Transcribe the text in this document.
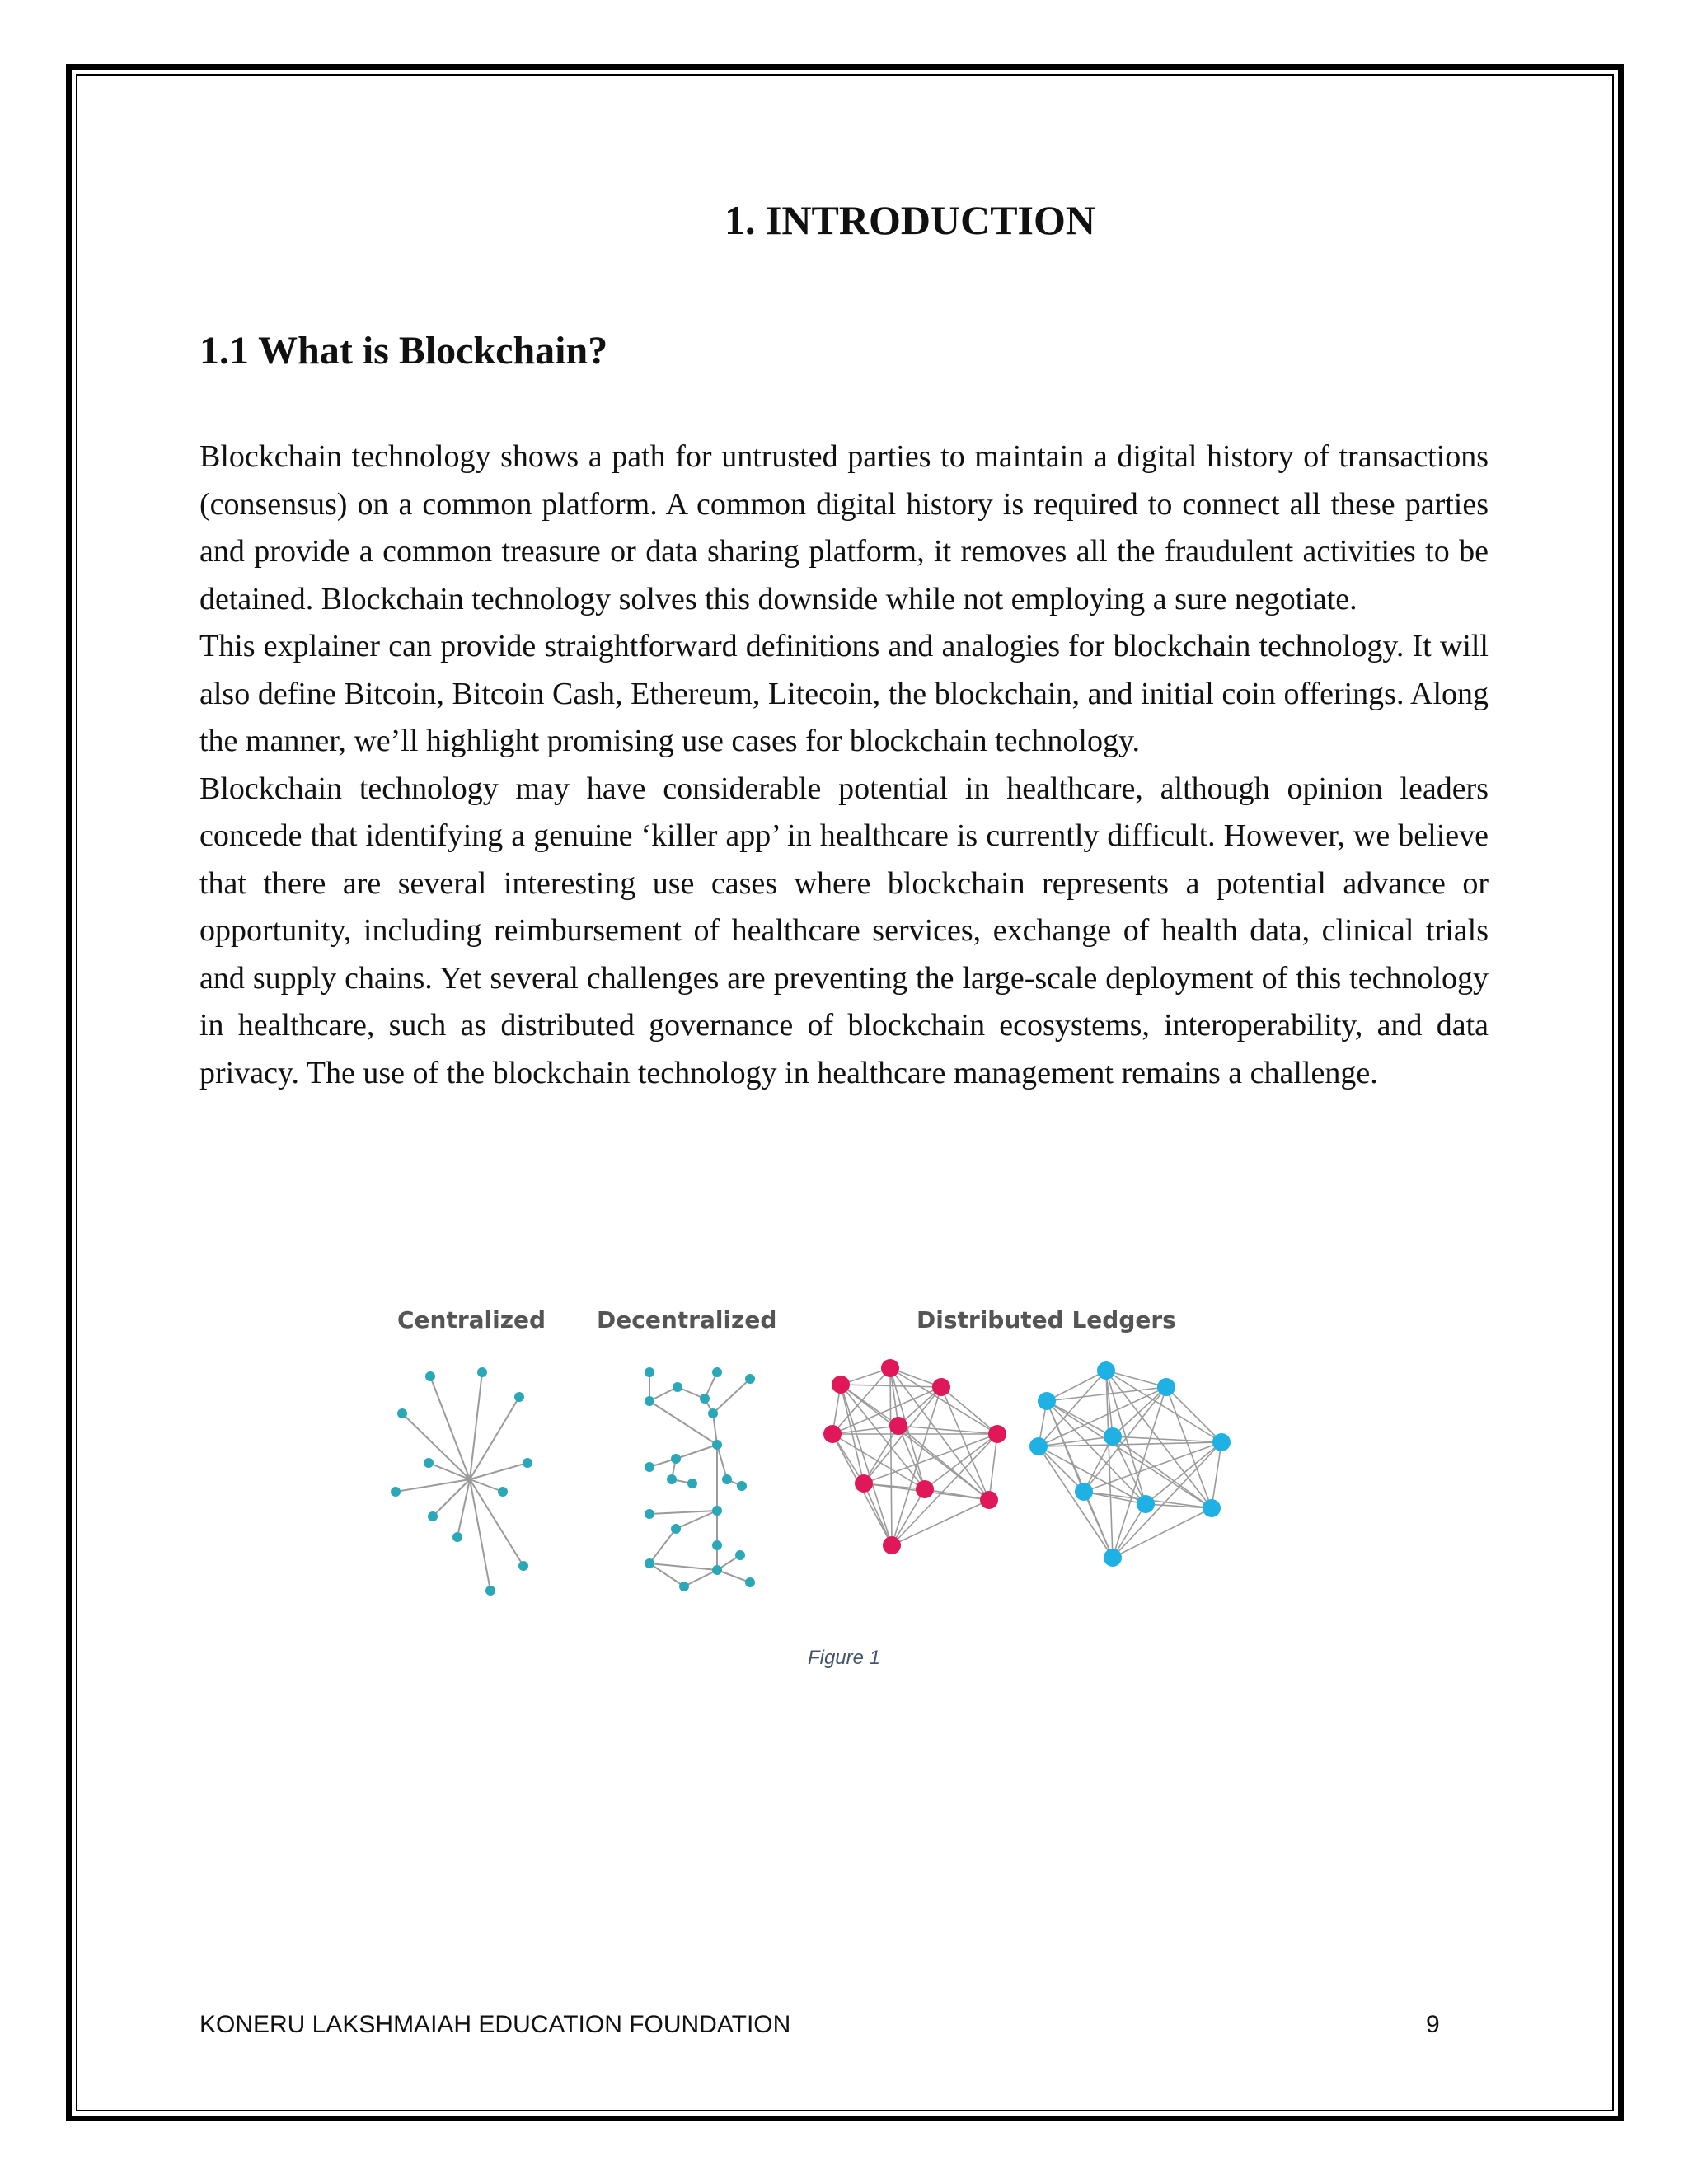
1. INTRODUCTION
1.1 What is Blockchain?

Blockchain technology shows a path for untrusted parties to maintain a digital history of transactions (consensus) on a common platform. A common digital history is required to connect all these parties and provide a common treasure or data sharing platform, it removes all the fraudulent activities to be detained. Blockchain technology solves this downside while not employing a sure negotiate.

This explainer can provide straightforward definitions and analogies for blockchain technology. It will also define Bitcoin, Bitcoin Cash, Ethereum, Litecoin, the blockchain, and initial coin offerings. Along the manner, we’ll highlight promising use cases for blockchain technology.

Blockchain technology may have considerable potential in healthcare, although opinion leaders concede that identifying a genuine ‘killer app’ in healthcare is currently difficult. However, we believe that there are several interesting use cases where blockchain represents a potential advance or opportunity, including reimbursement of healthcare services, exchange of health data, clinical trials and supply chains. Yet several challenges are preventing the large-scale deployment of this technology in healthcare, such as distributed governance of blockchain ecosystems, interoperability, and data privacy. The use of the blockchain technology in healthcare management remains a challenge.

Centralized Decentralized	Distributed Ledgers
Figure 1
KONERU LAKSHMAIAH EDUCATION FOUNDATION	9
